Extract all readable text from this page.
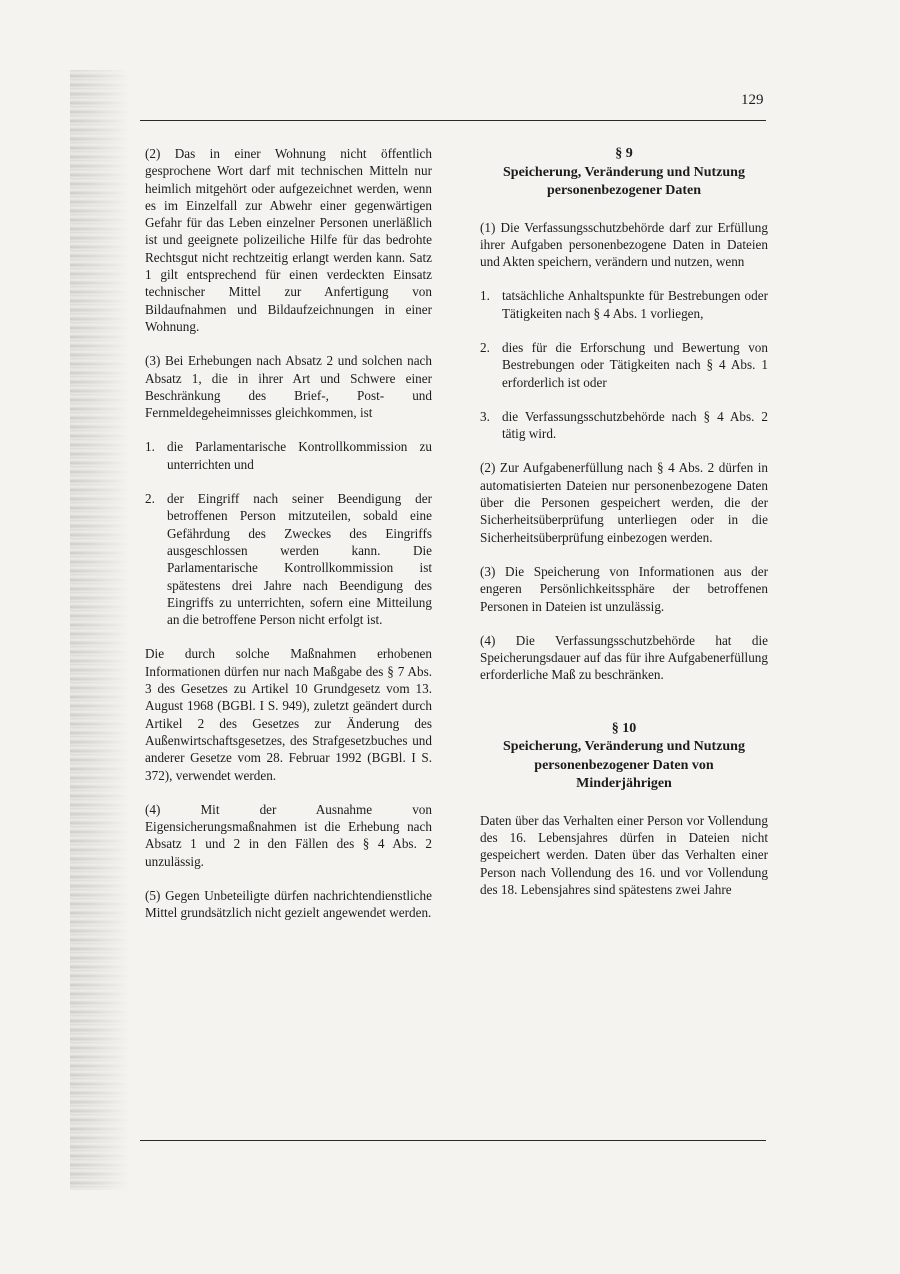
129

(2) Das in einer Wohnung nicht öffentlich gesprochene Wort darf mit technischen Mitteln nur heimlich mitgehört oder aufgezeichnet werden, wenn es im Einzelfall zur Abwehr einer gegenwärtigen Gefahr für das Leben einzelner Personen unerläßlich ist und geeignete polizeiliche Hilfe für das bedrohte Rechtsgut nicht rechtzeitig erlangt werden kann. Satz 1 gilt entsprechend für einen verdeckten Einsatz technischer Mittel zur Anfertigung von Bildaufnahmen und Bildaufzeichnungen in einer Wohnung.

(3) Bei Erhebungen nach Absatz 2 und solchen nach Absatz 1, die in ihrer Art und Schwere einer Beschränkung des Brief-, Post- und Fernmeldegeheimnisses gleichkommen, ist

1. die Parlamentarische Kontrollkommission zu unterrichten und
2. der Eingriff nach seiner Beendigung der betroffenen Person mitzuteilen, sobald eine Gefährdung des Zweckes des Eingriffs ausgeschlossen werden kann. Die Parlamentarische Kontrollkommission ist spätestens drei Jahre nach Beendigung des Eingriffs zu unterrichten, sofern eine Mitteilung an die betroffene Person nicht erfolgt ist.

Die durch solche Maßnahmen erhobenen Informationen dürfen nur nach Maßgabe des § 7 Abs. 3 des Gesetzes zu Artikel 10 Grundgesetz vom 13. August 1968 (BGBl. I S. 949), zuletzt geändert durch Artikel 2 des Gesetzes zur Änderung des Außenwirtschaftsgesetzes, des Strafgesetzbuches und anderer Gesetze vom 28. Februar 1992 (BGBl. I S. 372), verwendet werden.

(4) Mit der Ausnahme von Eigensicherungsmaßnahmen ist die Erhebung nach Absatz 1 und 2 in den Fällen des § 4 Abs. 2 unzulässig.

(5) Gegen Unbeteiligte dürfen nachrichtendienstliche Mittel grundsätzlich nicht gezielt angewendet werden.

§ 9
Speicherung, Veränderung und Nutzung personenbezogener Daten

(1) Die Verfassungsschutzbehörde darf zur Erfüllung ihrer Aufgaben personenbezogene Daten in Dateien und Akten speichern, verändern und nutzen, wenn

1. tatsächliche Anhaltspunkte für Bestrebungen oder Tätigkeiten nach § 4 Abs. 1 vorliegen,
2. dies für die Erforschung und Bewertung von Bestrebungen oder Tätigkeiten nach § 4 Abs. 1 erforderlich ist oder
3. die Verfassungsschutzbehörde nach § 4 Abs. 2 tätig wird.

(2) Zur Aufgabenerfüllung nach § 4 Abs. 2 dürfen in automatisierten Dateien nur personenbezogene Daten über die Personen gespeichert werden, die der Sicherheitsüberprüfung unterliegen oder in die Sicherheitsüberprüfung einbezogen werden.

(3) Die Speicherung von Informationen aus der engeren Persönlichkeitssphäre der betroffenen Personen in Dateien ist unzulässig.

(4) Die Verfassungsschutzbehörde hat die Speicherungsdauer auf das für ihre Aufgabenerfüllung erforderliche Maß zu beschränken.

§ 10
Speicherung, Veränderung und Nutzung personenbezogener Daten von Minderjährigen

Daten über das Verhalten einer Person vor Vollendung des 16. Lebensjahres dürfen in Dateien nicht gespeichert werden. Daten über das Verhalten einer Person nach Vollendung des 16. und vor Vollendung des 18. Lebensjahres sind spätestens zwei Jahre
